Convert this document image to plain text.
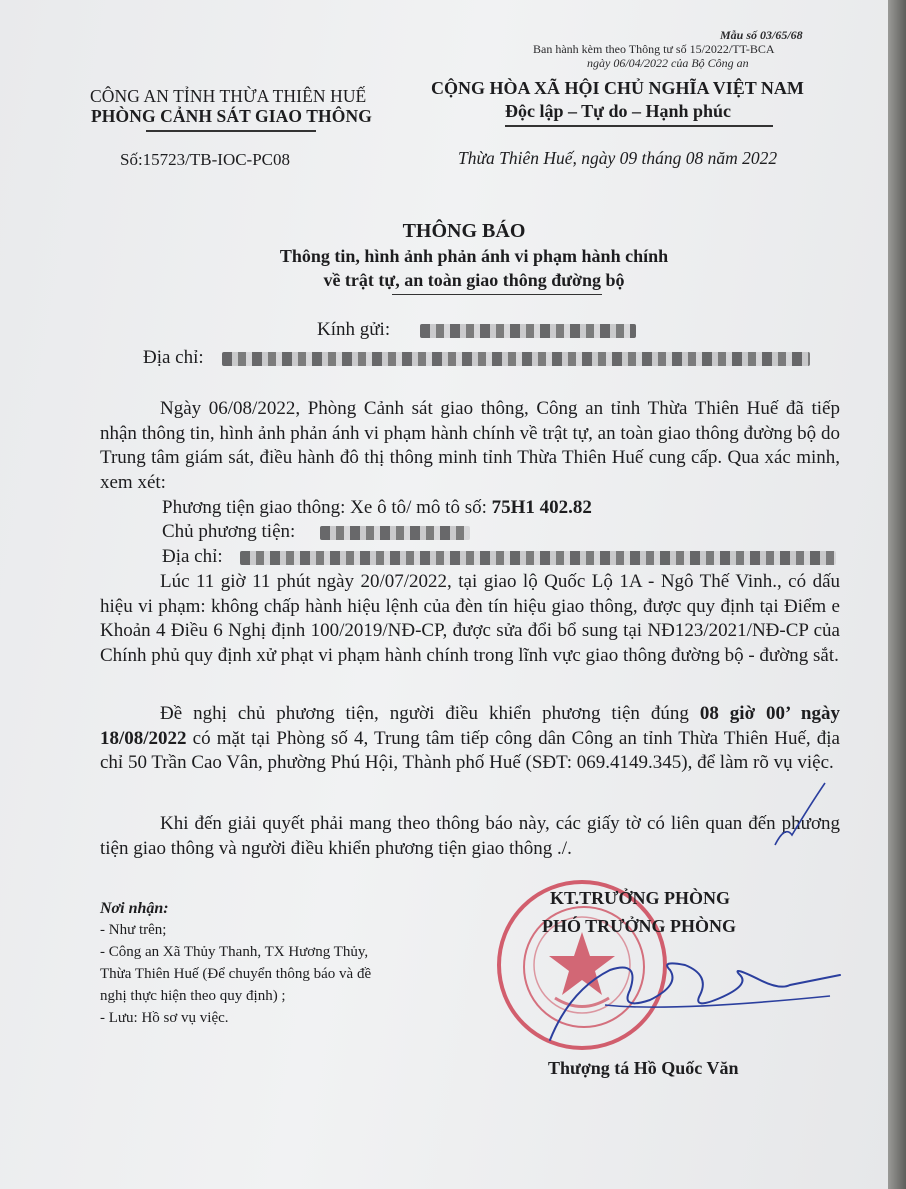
Mẫu số 03/65/68
Ban hành kèm theo Thông tư số 15/2022/TT-BCA
ngày 06/04/2022 của Bộ Công an
CÔNG AN TỈNH THỪA THIÊN HUẾ
PHÒNG CẢNH SÁT GIAO THÔNG
Số:15723/TB-IOC-PC08
CỘNG HÒA XÃ HỘI CHỦ NGHĨA VIỆT NAM
Độc lập – Tự do – Hạnh phúc
Thừa Thiên Huế, ngày 09 tháng 08 năm 2022
THÔNG BÁO
Thông tin, hình ảnh phản ánh vi phạm hành chính
về trật tự, an toàn giao thông đường bộ
Kính gửi:
Địa chỉ:
Ngày 06/08/2022, Phòng Cảnh sát giao thông, Công an tỉnh Thừa Thiên Huế đã tiếp nhận thông tin, hình ảnh phản ánh vi phạm hành chính về trật tự, an toàn giao thông đường bộ do Trung tâm giám sát, điều hành đô thị thông minh tỉnh Thừa Thiên Huế cung cấp. Qua xác minh, xem xét:
Phương tiện giao thông: Xe ô tô/ mô tô số: 75H1 402.82
Chủ phương tiện:
Địa chỉ:
Lúc 11 giờ 11 phút ngày 20/07/2022, tại giao lộ Quốc Lộ 1A - Ngô Thế Vinh., có dấu hiệu vi phạm: không chấp hành hiệu lệnh của đèn tín hiệu giao thông, được quy định tại Điểm e Khoản 4 Điều 6 Nghị định 100/2019/NĐ-CP, được sửa đổi bổ sung tại NĐ123/2021/NĐ-CP của Chính phủ quy định xử phạt vi phạm hành chính trong lĩnh vực giao thông đường bộ - đường sắt.
Đề nghị chủ phương tiện, người điều khiển phương tiện đúng 08 giờ 00’ ngày 18/08/2022 có mặt tại Phòng số 4, Trung tâm tiếp công dân Công an tỉnh Thừa Thiên Huế, địa chỉ 50 Trần Cao Vân, phường Phú Hội, Thành phố Huế (SĐT: 069.4149.345), để làm rõ vụ việc.
Khi đến giải quyết phải mang theo thông báo này, các giấy tờ có liên quan đến phương tiện giao thông và người điều khiển phương tiện giao thông ./.
Nơi nhận:
- Như trên;
- Công an Xã Thủy Thanh, TX Hương Thủy,
Thừa Thiên Huế (Để chuyển thông báo và đề
nghị thực hiện theo quy định) ;
- Lưu: Hồ sơ vụ việc.
KT.TRƯỞNG PHÒNG
PHÓ TRƯỞNG PHÒNG
Thượng tá Hồ Quốc Văn
